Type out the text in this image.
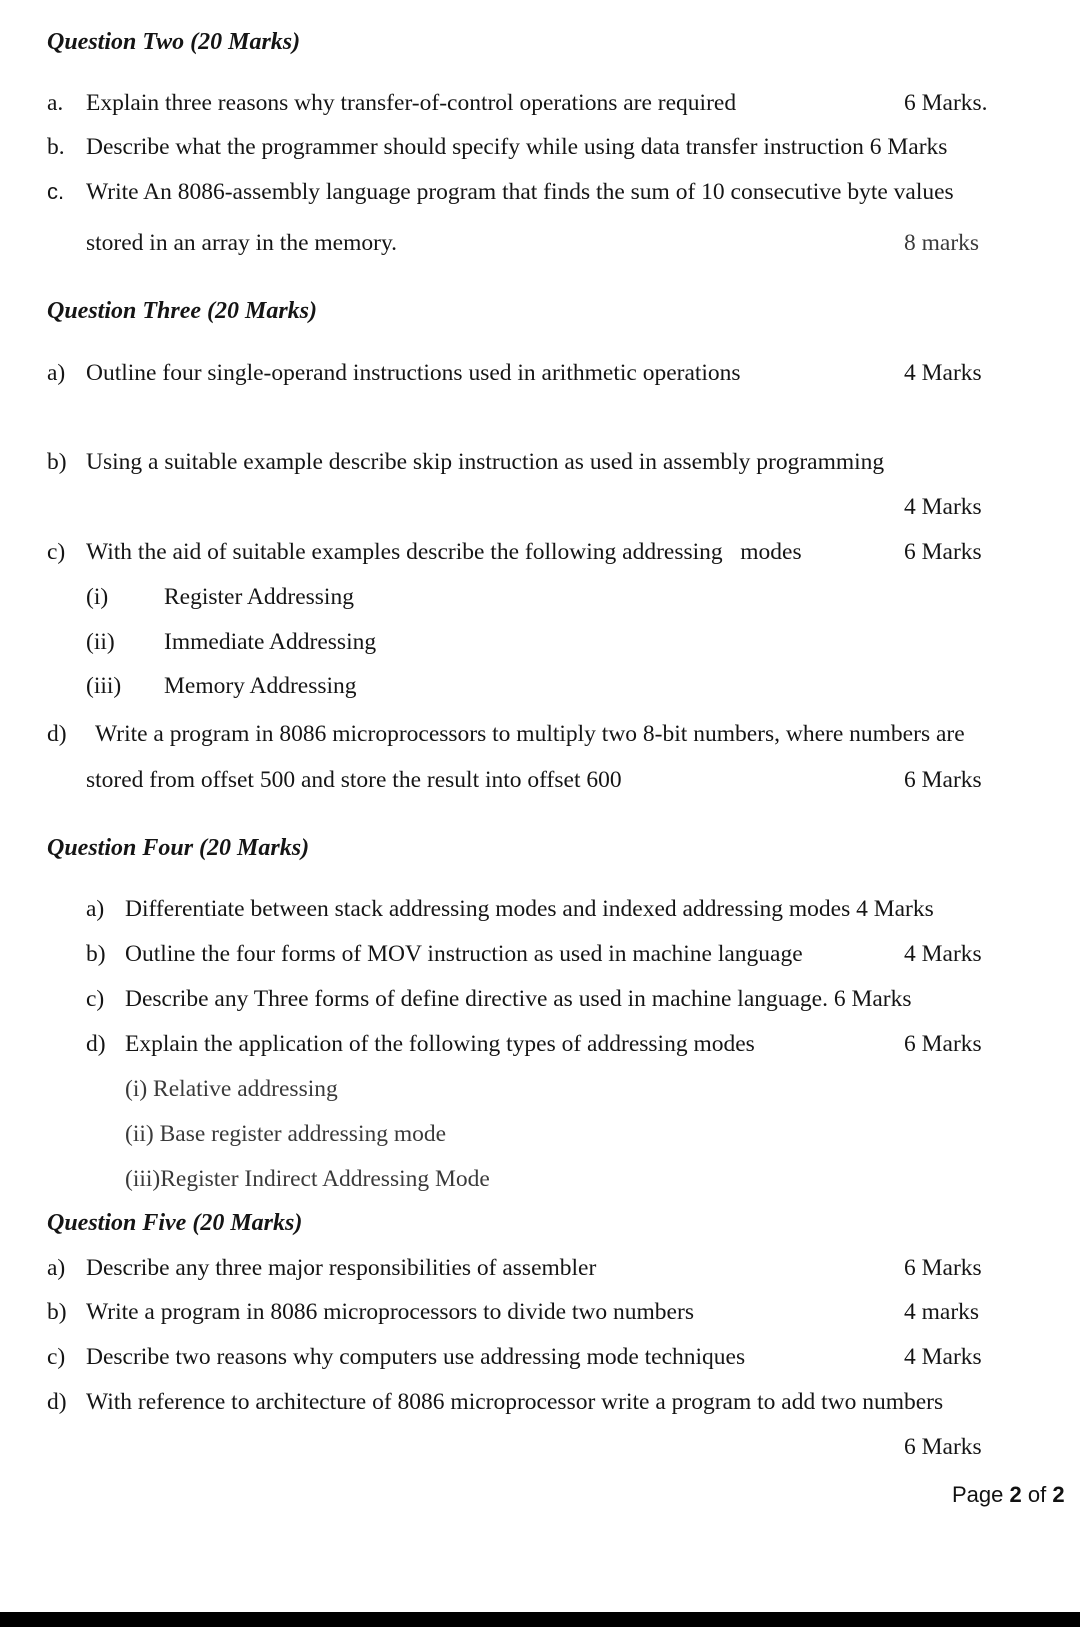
Question Two (20 Marks)
a. Explain three reasons why transfer-of-control operations are required	6 Marks.
b. Describe what the programmer should specify while using data transfer instruction 6 Marks
c. Write An 8086-assembly language program that finds the sum of 10 consecutive byte values
stored in an array in the memory.	8 marks
Question Three (20 Marks)
a) Outline four single-operand instructions used in arithmetic operations	4 Marks
b) Using a suitable example describe skip instruction as used in assembly programming
4 Marks
c) With the aid of suitable examples describe the following addressing   modes	6 Marks
(i) Register Addressing
(ii) Immediate Addressing
(iii) Memory Addressing
d) Write a program in 8086 microprocessors to multiply two 8-bit numbers, where numbers are
stored from offset 500 and store the result into offset 600	6 Marks
Question Four (20 Marks)
a) Differentiate between stack addressing modes and indexed addressing modes 4 Marks
b) Outline the four forms of MOV instruction as used in machine language	4 Marks
c) Describe any Three forms of define directive as used in machine language. 6 Marks
d) Explain the application of the following types of addressing modes	6 Marks
(i) Relative addressing
(ii) Base register addressing mode
(iii)Register Indirect Addressing Mode
Question Five (20 Marks)
a) Describe any three major responsibilities of assembler	6 Marks
b) Write a program in 8086 microprocessors to divide two numbers	4 marks
c) Describe two reasons why computers use addressing mode techniques	4 Marks
d) With reference to architecture of 8086 microprocessor write a program to add two numbers
6 Marks
Page 2 of 2
